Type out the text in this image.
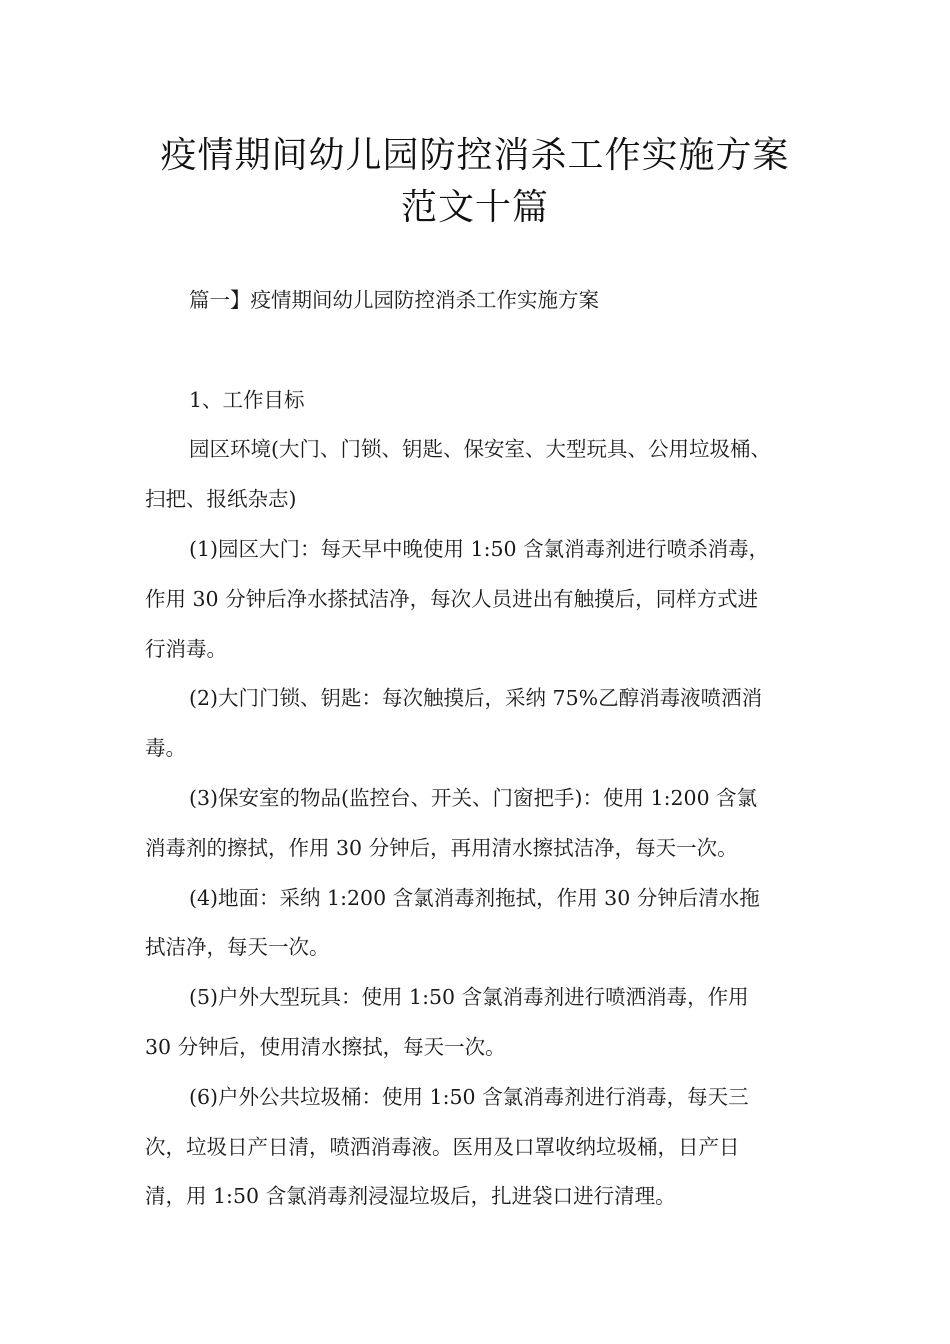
疫情期间幼儿园防控消杀工作实施方案
范文十篇
篇一】疫情期间幼儿园防控消杀工作实施方案
1、工作目标
园区环境(大门、门锁、钥匙、保安室、大型玩具、公用垃圾桶、
扫把、报纸杂志)
(1)园区大门：每天早中晚使用 1:50 含氯消毒剂进行喷杀消毒，
作用 30 分钟后净水搽拭洁净，每次人员进出有触摸后，同样方式进
行消毒。
(2)大门门锁、钥匙：每次触摸后，采纳 75%乙醇消毒液喷洒消
毒。
(3)保安室的物品(监控台、开关、门窗把手)：使用 1:200 含氯
消毒剂的擦拭，作用 30 分钟后，再用清水擦拭洁净，每天一次。
(4)地面：采纳 1:200 含氯消毒剂拖拭，作用 30 分钟后清水拖
拭洁净，每天一次。
(5)户外大型玩具：使用 1:50 含氯消毒剂进行喷洒消毒，作用
30 分钟后，使用清水擦拭，每天一次。
(6)户外公共垃圾桶：使用 1:50 含氯消毒剂进行消毒，每天三
次，垃圾日产日清，喷洒消毒液。医用及口罩收纳垃圾桶，日产日
清，用 1:50 含氯消毒剂浸湿垃圾后，扎进袋口进行清理。
